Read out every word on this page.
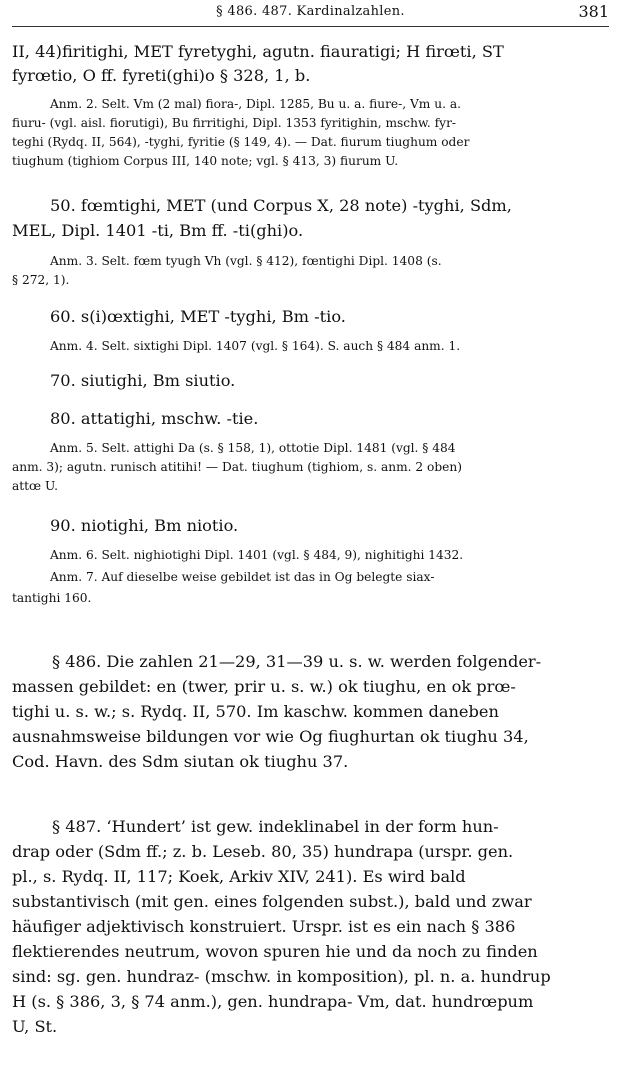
§ 486. 487. Kardinalzahlen.	381
II, 44)firitighi, MET fyretyghi, agutn. fiauratigi; H firœti, ST
fyrœtio, O ff. fyreti(ghi)o § 328, 1, b.
Anm. 2. Selt. Vm (2 mal) fiora-, Dipl. 1285, Bu u. a. fiure-, Vm u. a.
fiuru- (vgl. aisl. fiorutigi), Bu firritighi, Dipl. 1353 fyritighin, mschw. fyr-
teghi (Rydq. II, 564), -tyghi, fyritie (§ 149, 4). — Dat. fiurum tiughum oder
tiughum (tighiom Corpus III, 140 note; vgl. § 413, 3) fiurum U.
50. fœmtighi, MET (und Corpus X, 28 note) -tyghi, Sdm,
MEL, Dipl. 1401 -ti, Bm ff. -ti(ghi)o.
Anm. 3. Selt. fœm tyugh Vh (vgl. § 412), fœntighi Dipl. 1408 (s.
§ 272, 1).
60. s(i)œxtighi, MET -tyghi, Bm -tio.
Anm. 4. Selt. sixtighi Dipl. 1407 (vgl. § 164). S. auch § 484 anm. 1.
70. siutighi, Bm siutio.
80. attatighi, mschw. -tie.
Anm. 5. Selt. attighi Da (s. § 158, 1), ottotie Dipl. 1481 (vgl. § 484
anm. 3); agutn. runisch atitihi! — Dat. tiughum (tighiom, s. anm. 2 oben)
attœ U.
90. niotighi, Bm niotio.
Anm. 6. Selt. nighiotighi Dipl. 1401 (vgl. § 484, 9), nighitighi 1432.
Anm. 7. Auf dieselbe weise gebildet ist das in Og belegte siax-
tantighi 160.
§ 486. Die zahlen 21—29, 31—39 u. s. w. werden folgender-
massen gebildet: en (twer, prir u. s. w.) ok tiughu, en ok prœ-
tighi u. s. w.; s. Rydq. II, 570. Im kaschw. kommen daneben
ausnahmsweise bildungen vor wie Og fiughurtan ok tiughu 34,
Cod. Havn. des Sdm siutan ok tiughu 37.
§ 487. ‘Hundert’ ist gew. indeklinabel in der form hun-
drap oder (Sdm ff.; z. b. Leseb. 80, 35) hundrapa (urspr. gen.
pl., s. Rydq. II, 117; Koek, Arkiv XIV, 241). Es wird bald
substantivisch (mit gen. eines folgenden subst.), bald und zwar
häufiger adjektivisch konstruiert. Urspr. ist es ein nach § 386
flektierendes neutrum, wovon spuren hie und da noch zu finden
sind: sg. gen. hundraz- (mschw. in komposition), pl. n. a. hundrup
H (s. § 386, 3, § 74 anm.), gen. hundrapa- Vm, dat. hundrœpum
U, St.
